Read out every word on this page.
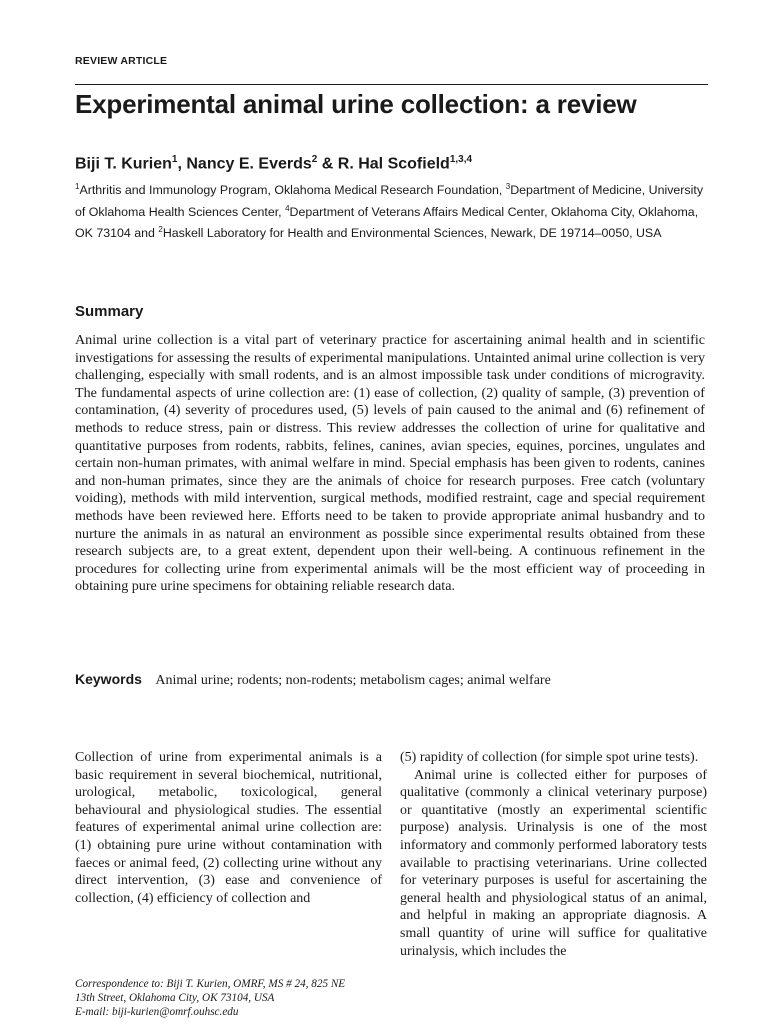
REVIEW ARTICLE
Experimental animal urine collection: a review
Biji T. Kurien$^1$, Nancy E. Everds$^2$ & R. Hal Scofield$^{1,3,4}$
$^1$Arthritis and Immunology Program, Oklahoma Medical Research Foundation, $^3$Department of Medicine, University of Oklahoma Health Sciences Center, $^4$Department of Veterans Affairs Medical Center, Oklahoma City, Oklahoma, OK 73104 and $^2$Haskell Laboratory for Health and Environmental Sciences, Newark, DE 19714–0050, USA
Summary

Animal urine collection is a vital part of veterinary practice for ascertaining animal health and in scientific investigations for assessing the results of experimental manipulations. Untainted animal urine collection is very challenging, especially with small rodents, and is an almost impossible task under conditions of microgravity. The fundamental aspects of urine collection are: (1) ease of collection, (2) quality of sample, (3) prevention of contamination, (4) severity of procedures used, (5) levels of pain caused to the animal and (6) refinement of methods to reduce stress, pain or distress. This review addresses the collection of urine for qualitative and quantitative purposes from rodents, rabbits, felines, canines, avian species, equines, porcines, ungulates and certain non-human primates, with animal welfare in mind. Special emphasis has been given to rodents, canines and non-human primates, since they are the animals of choice for research purposes. Free catch (voluntary voiding), methods with mild intervention, surgical methods, modified restraint, cage and special requirement methods have been reviewed here. Efforts need to be taken to provide appropriate animal husbandry and to nurture the animals in as natural an environment as possible since experimental results obtained from these research subjects are, to a great extent, dependent upon their well-being. A continuous refinement in the procedures for collecting urine from experimental animals will be the most efficient way of proceeding in obtaining pure urine specimens for obtaining reliable research data.

Keywords Animal urine; rodents; non-rodents; metabolism cages; animal welfare

Collection of urine from experimental animals is a basic requirement in several biochemical, nutritional, urological, metabolic, toxicological, general behavioural and physiological studies. The essential features of experimental animal urine collection are: (1) obtaining pure urine without contamination with faeces or animal feed, (2) collecting urine without any direct intervention, (3) ease and convenience of collection, (4) efficiency of collection and

(5) rapidity of collection (for simple spot urine tests).

Animal urine is collected either for purposes of qualitative (commonly a clinical veterinary purpose) or quantitative (mostly an experimental scientific purpose) analysis. Urinalysis is one of the most informatory and commonly performed laboratory tests available to practising veterinarians. Urine collected for veterinary purposes is useful for ascertaining the general health and physiological status of an animal, and helpful in making an appropriate diagnosis. A small quantity of urine will suffice for qualitative urinalysis, which includes the

Correspondence to: Biji T. Kurien, OMRF, MS # 24, 825 NE
13th Street, Oklahoma City, OK 73104, USA
E-mail: biji-kurien@omrf.ouhsc.edu
